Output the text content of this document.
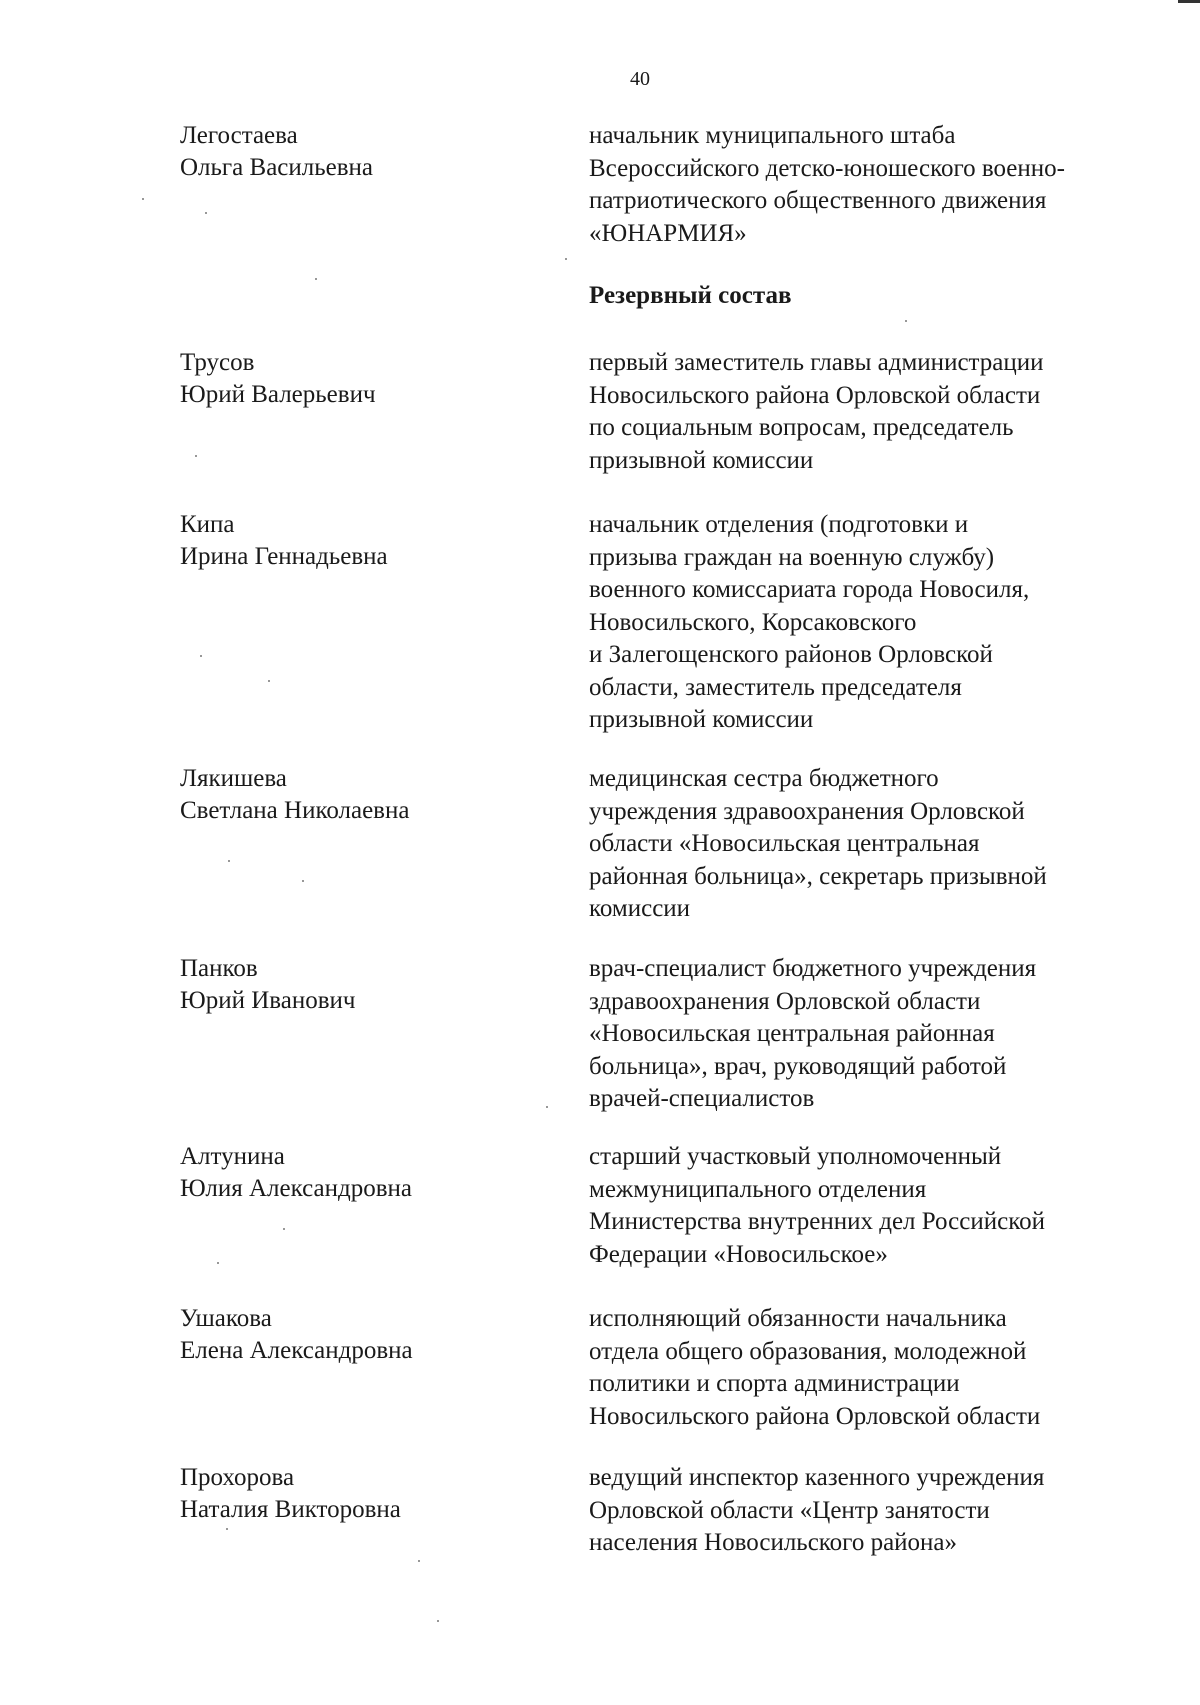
40
Резервный состав
Легостаева
Ольга Васильевна
начальник муниципального штаба
Всероссийского детско-юношеского военно-
патриотического общественного движения
«ЮНАРМИЯ»
Трусов
Юрий Валерьевич
первый заместитель главы администрации
Новосильского района Орловской области
по социальным вопросам, председатель
призывной комиссии
Кипа
Ирина Геннадьевна
начальник отделения (подготовки и
призыва граждан на военную службу)
военного комиссариата города Новосиля,
Новосильского, Корсаковского
и Залегощенского районов Орловской
области, заместитель председателя
призывной комиссии
Лякишева
Светлана Николаевна
медицинская сестра бюджетного
учреждения здравоохранения Орловской
области «Новосильская центральная
районная больница», секретарь призывной
комиссии
Панков
Юрий Иванович
врач-специалист бюджетного учреждения
здравоохранения Орловской области
«Новосильская центральная районная
больница», врач, руководящий работой
врачей-специалистов
Алтунина
Юлия Александровна
старший участковый уполномоченный
межмуниципального отделения
Министерства внутренних дел Российской
Федерации «Новосильское»
Ушакова
Елена Александровна
исполняющий обязанности начальника
отдела общего образования, молодежной
политики и спорта администрации
Новосильского района Орловской области
Прохорова
Наталия Викторовна
ведущий инспектор казенного учреждения
Орловской области «Центр занятости
населения Новосильского района»
